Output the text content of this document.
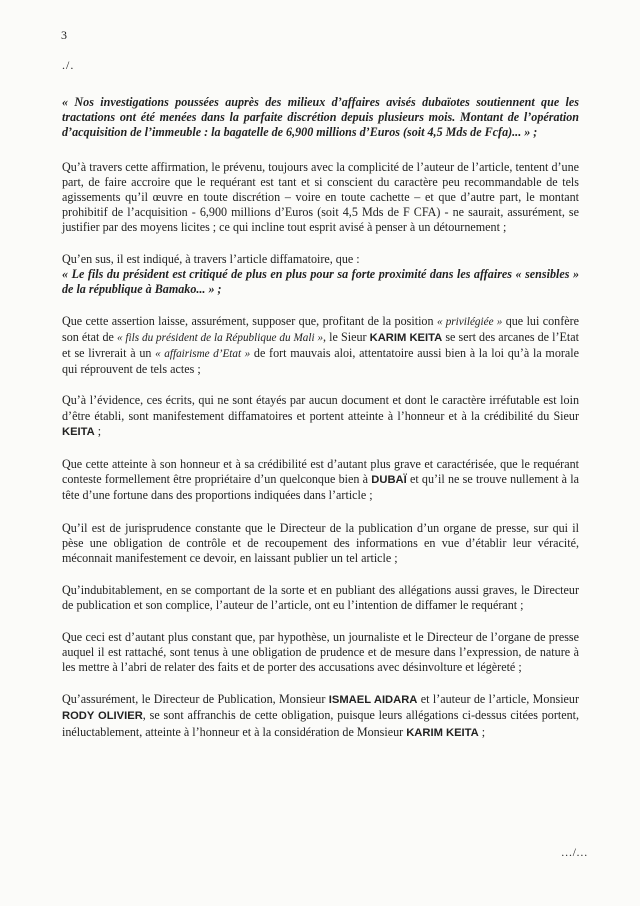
3
./.

« Nos investigations poussées auprès des milieux d’affaires avisés dubaïotes soutiennent que les tractations ont été menées dans la parfaite discrétion depuis plusieurs mois. Montant de l’opération d’acquisition de l’immeuble : la bagatelle de 6,900 millions d’Euros (soit 4,5 Mds de Fcfa)... » ;

Qu’à travers cette affirmation, le prévenu, toujours avec la complicité de l’auteur de l’article, tentent d’une part, de faire accroire que le requérant est tant et si conscient du caractère peu recommandable de tels agissements qu’il œuvre en toute discrétion – voire en toute cachette – et que d’autre part, le montant prohibitif de l’acquisition - 6,900 millions d’Euros (soit 4,5 Mds de F CFA) - ne saurait, assurément, se justifier par des moyens licites ; ce qui incline tout esprit avisé à penser à un détournement ;

Qu’en sus, il est indiqué, à travers l’article diffamatoire, que :
« Le fils du président est critiqué de plus en plus pour sa forte proximité dans les affaires « sensibles » de la république à Bamako... » ;

Que cette assertion laisse, assurément, supposer que, profitant de la position « privilégiée » que lui confère son état de « fils du président de la République du Mali », le Sieur KARIM KEITA se sert des arcanes de l’Etat et se livrerait à un « affairisme d’Etat » de fort mauvais aloi, attentatoire aussi bien à la loi qu’à la morale qui réprouvent de tels actes ;

Qu’à l’évidence, ces écrits, qui ne sont étayés par aucun document et dont le caractère irréfutable est loin d’être établi, sont manifestement diffamatoires et portent atteinte à l’honneur et à la crédibilité du Sieur KEITA ;

Que cette atteinte à son honneur et à sa crédibilité est d’autant plus grave et caractérisée, que le requérant conteste formellement être propriétaire d’un quelconque bien à DUBAÏ et qu’il ne se trouve nullement à la tête d’une fortune dans des proportions indiquées dans l’article ;

Qu’il est de jurisprudence constante que le Directeur de la publication d’un organe de presse, sur qui il pèse une obligation de contrôle et de recoupement des informations en vue d’établir leur véracité, méconnait manifestement ce devoir, en laissant publier un tel article ;

Qu’indubitablement, en se comportant de la sorte et en publiant des allégations aussi graves, le Directeur de publication et son complice, l’auteur de l’article, ont eu l’intention de diffamer le requérant ;

Que ceci est d’autant plus constant que, par hypothèse, un journaliste et le Directeur de l’organe de presse auquel il est rattaché, sont tenus à une obligation de prudence et de mesure dans l’expression, de nature à les mettre à l’abri de relater des faits et de porter des accusations avec désinvolture et légèreté ;

Qu’assurément, le Directeur de Publication, Monsieur ISMAEL AIDARA et l’auteur de l’article, Monsieur RODY OLIVIER, se sont affranchis de cette obligation, puisque leurs allégations ci-dessus citées portent, inéluctablement, atteinte à l’honneur et à la considération de Monsieur KARIM KEITA ;

…/…
